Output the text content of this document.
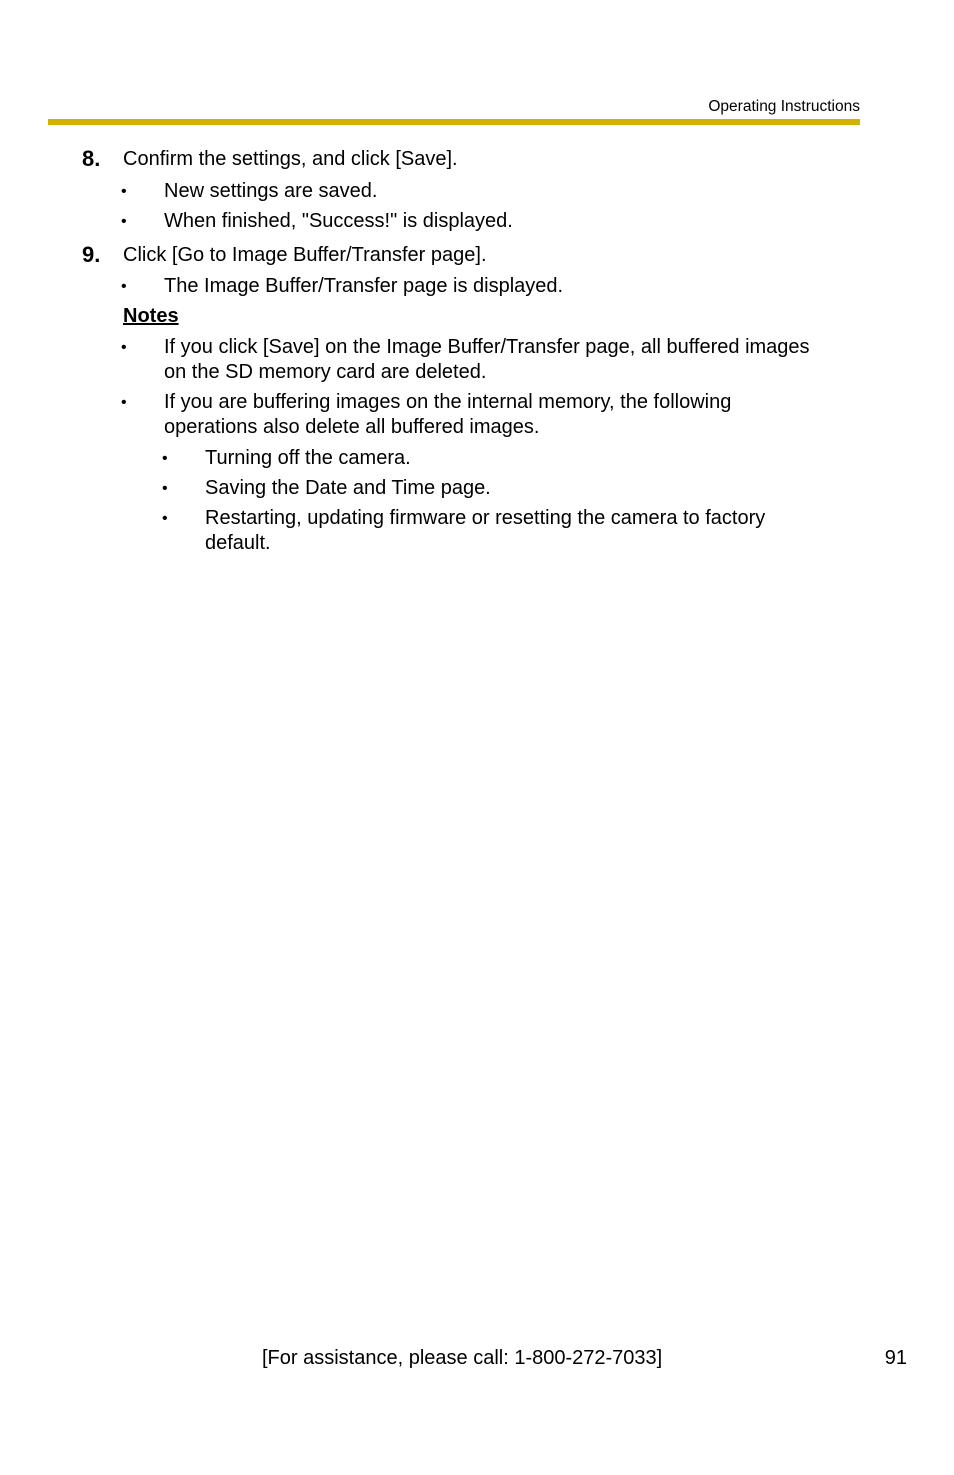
Operating Instructions
8. Confirm the settings, and click [Save].
• New settings are saved.
• When finished, "Success!" is displayed.
9. Click [Go to Image Buffer/Transfer page].
• The Image Buffer/Transfer page is displayed.
Notes
• If you click [Save] on the Image Buffer/Transfer page, all buffered images
on the SD memory card are deleted.
• If you are buffering images on the internal memory, the following
operations also delete all buffered images.
• Turning off the camera.
• Saving the Date and Time page.
• Restarting, updating firmware or resetting the camera to factory
default.
[For assistance, please call: 1-800-272-7033]	91
